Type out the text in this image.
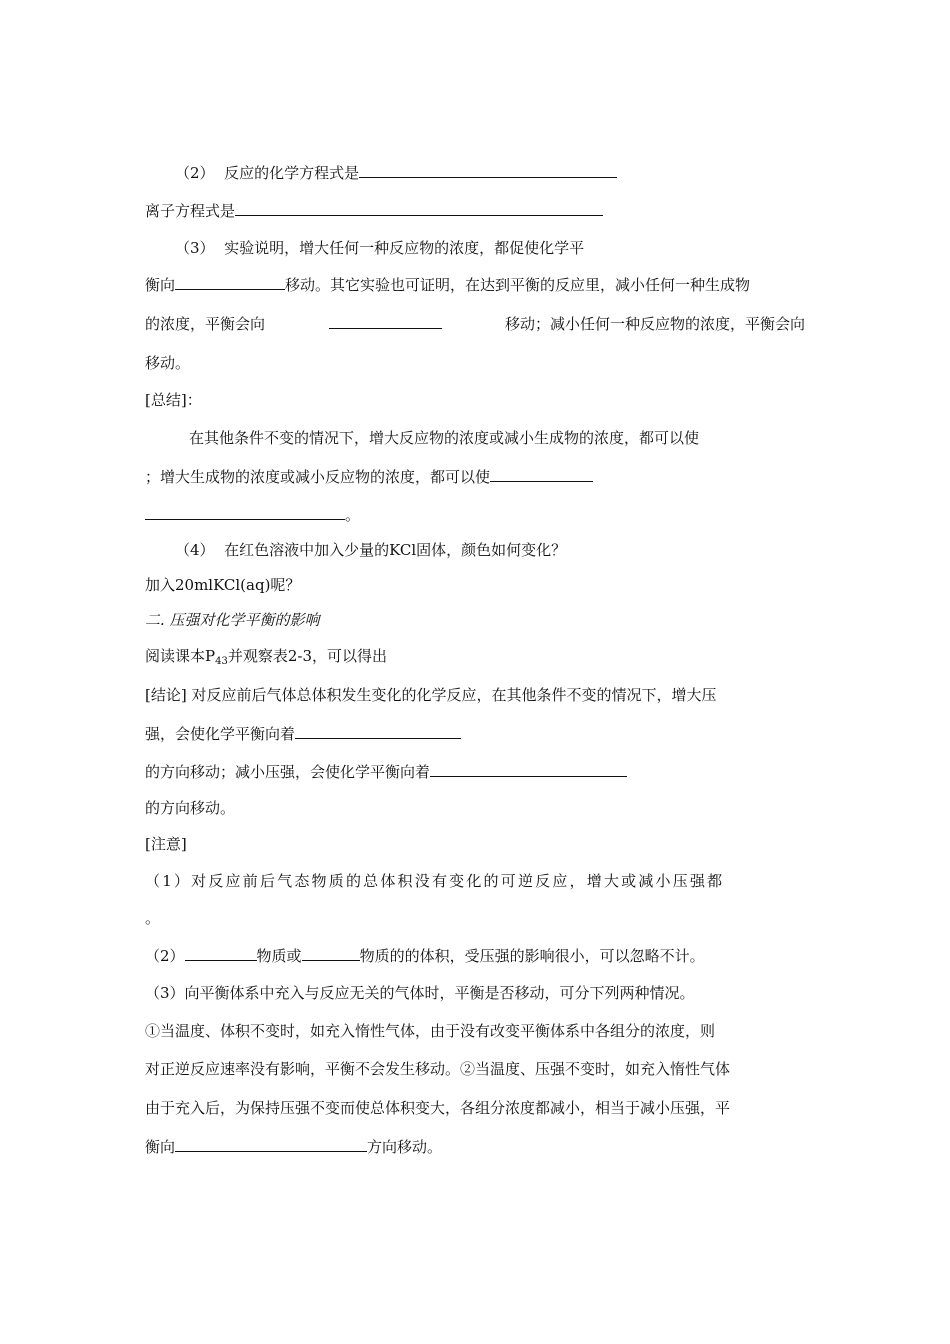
（2） 反应的化学方程式是
离子方程式是
（3） 实验说明，增大任何一种反应物的浓度，都促使化学平
衡向	移动。其它实验也可证明，在达到平衡的反应里，减小任何一种生成物
的浓度，平衡会向	移动；减小任何一种反应物的浓度，平衡会向
移动。
[总结]：
在其他条件不变的情况下，增大反应物的浓度或减小生成物的浓度，都可以使
；增大生成物的浓度或减小反应物的浓度，都可以使
。
（4） 在红色溶液中加入少量的KCl固体，颜色如何变化？
加入20mlKCl(aq)呢？
二. 压强对化学平衡的影响
阅读课本$P_{43}$并观察表2-3，可以得出
[结论] 对反应前后气体总体积发生变化的化学反应，在其他条件不变的情况下，增大压
强，会使化学平衡向着
的方向移动；减小压强，会使化学平衡向着
的方向移动。
[注意]
（1）对反应前后气态物质的总体积没有变化的可逆反应，增大或减小压强都
。
（2）	物质或	物质的的体积，受压强的影响很小，可以忽略不计。
（3）向平衡体系中充入与反应无关的气体时，平衡是否移动，可分下列两种情况。
①当温度、体积不变时，如充入惰性气体，由于没有改变平衡体系中各组分的浓度，则
对正逆反应速率没有影响，平衡不会发生移动。②当温度、压强不变时，如充入惰性气体
由于充入后，为保持压强不变而使总体积变大，各组分浓度都减小，相当于减小压强，平
衡向	方向移动。
